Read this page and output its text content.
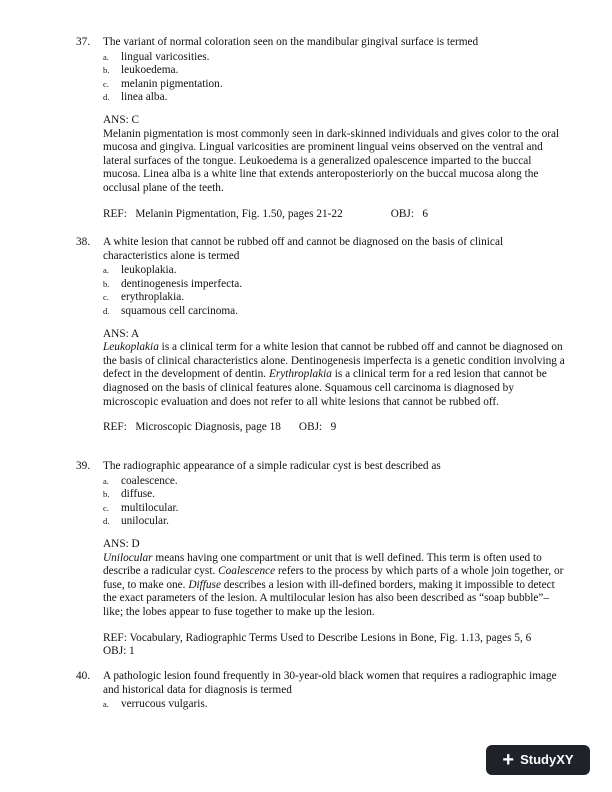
37.	The variant of normal coloration seen on the mandibular gingival surface is termed

a.	lingual varicosities.
b.	leukoedema.
c.	melanin pigmentation.
d.	linea alba.
ANS: C

Melanin pigmentation is most commonly seen in dark-skinned individuals and gives color to the oral mucosa and gingiva. Lingual varicosities are prominent lingual veins observed on the ventral and lateral surfaces of the tongue. Leukoedema is a generalized opalescence imparted to the buccal mucosa. Linea alba is a white line that extends anteroposteriorly on the buccal mucosa along the occlusal plane of the teeth.

REF:   Melanin Pigmentation, Fig. 1.50, pages 21-22	OBJ:   6
38.	A white lesion that cannot be rubbed off and cannot be diagnosed on the basis of clinical characteristics alone is termed

a.	leukoplakia.
b.	dentinogenesis imperfecta.
c.	erythroplakia.
d.	squamous cell carcinoma.
ANS: A

Leukoplakia is a clinical term for a white lesion that cannot be rubbed off and cannot be diagnosed on the basis of clinical characteristics alone. Dentinogenesis imperfecta is a genetic condition involving a defect in the development of dentin. Erythroplakia is a clinical term for a red lesion that cannot be diagnosed on the basis of clinical features alone. Squamous cell carcinoma is diagnosed by microscopic evaluation and does not refer to all white lesions that cannot be rubbed off.

REF:   Microscopic Diagnosis, page 18 OBJ:   9
39.	The radiographic appearance of a simple radicular cyst is best described as

a.	coalescence.
b.	diffuse.
c.	multilocular.
d.	unilocular.
ANS: D

Unilocular means having one compartment or unit that is well defined. This term is often used to describe a radicular cyst. Coalescence refers to the process by which parts of a whole join together, or fuse, to make one. Diffuse describes a lesion with ill-defined borders, making it impossible to detect the exact parameters of the lesion. A multilocular lesion has also been described as “soap bubble”–like; the lobes appear to fuse together to make up the lesion.

REF: Vocabulary, Radiographic Terms Used to Describe Lesions in Bone, Fig. 1.13, pages 5, 6
OBJ: 1
40.	A pathologic lesion found frequently in 30-year-old black women that requires a radiographic image and historical data for diagnosis is termed

a.	verrucous vulgaris.
+ StudyXY
